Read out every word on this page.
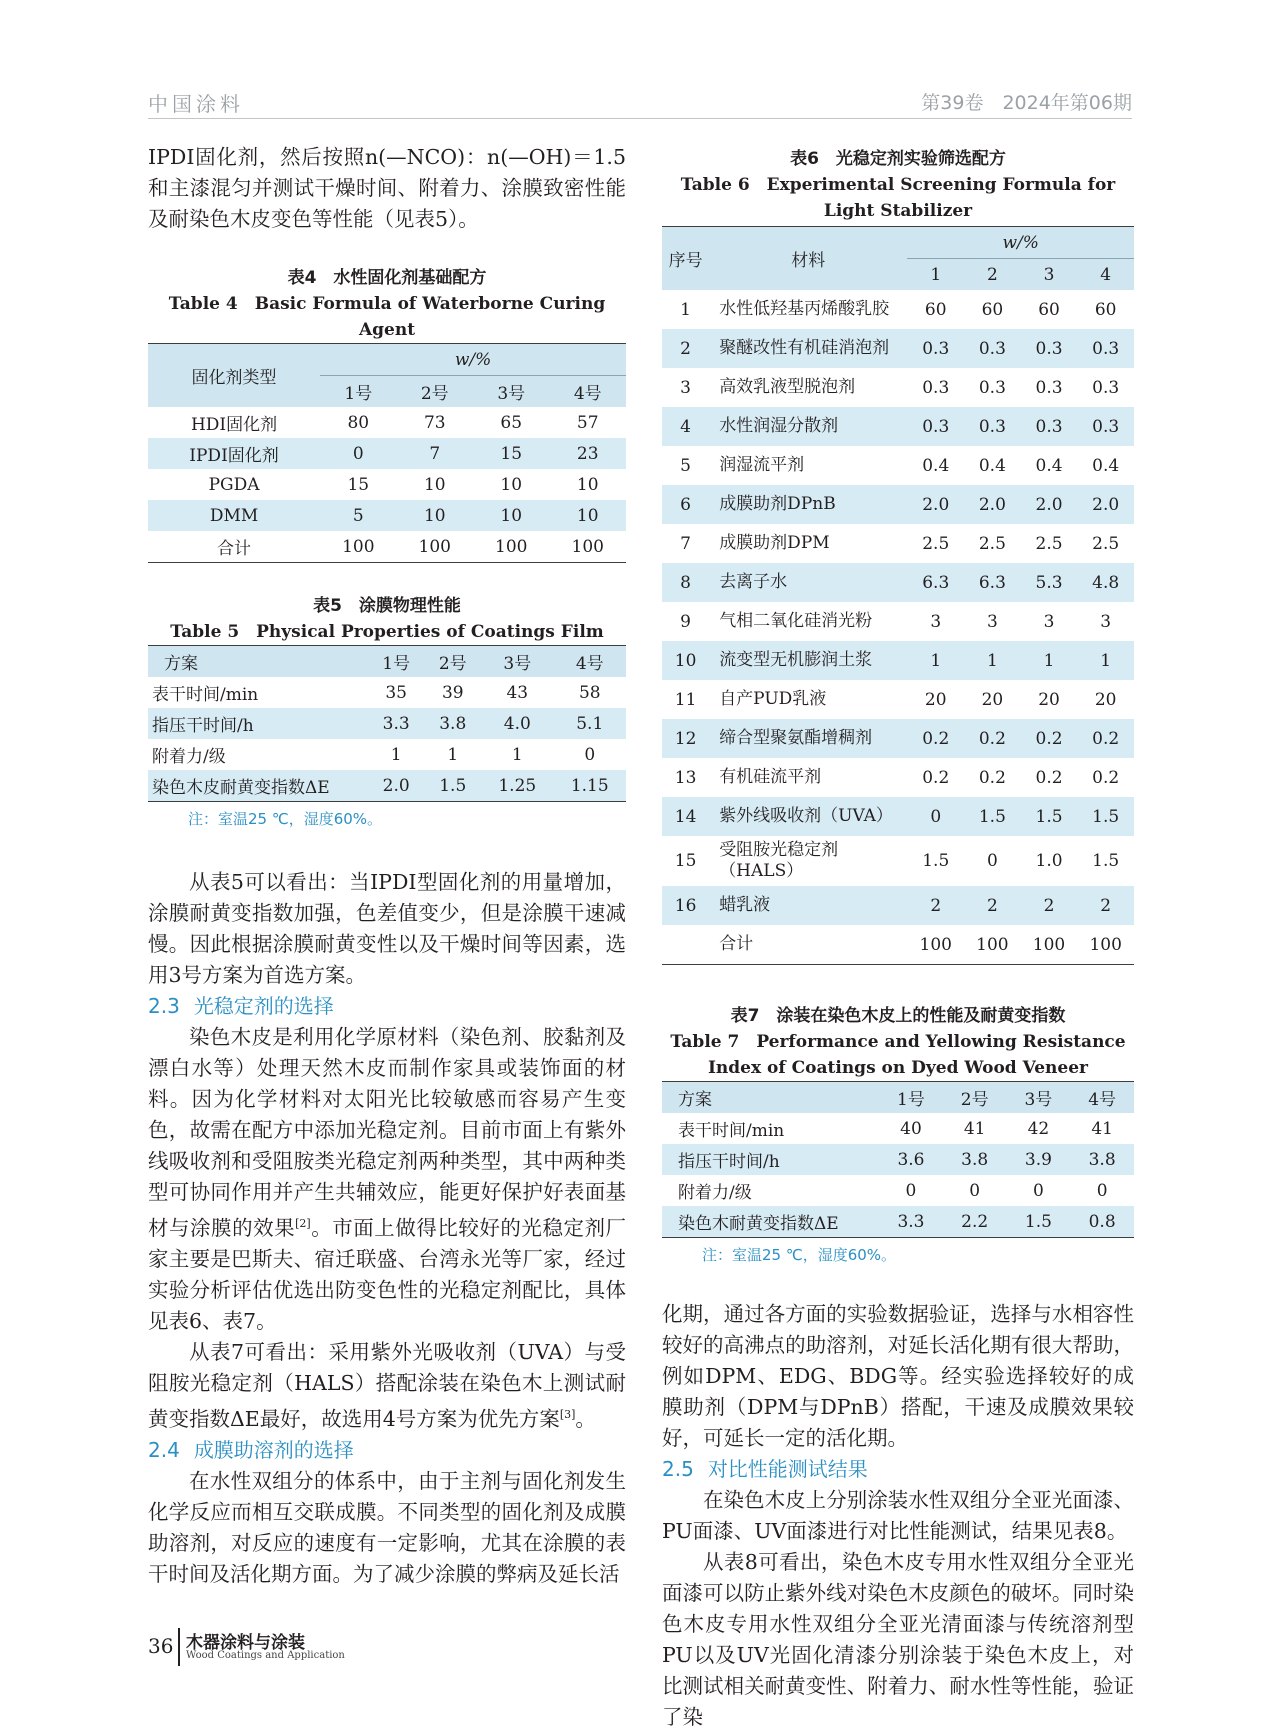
中国涂料	第39卷　2024年第06期

IPDI固化剂，然后按照n(—NCO)：n(—OH)＝1.5和主漆混匀并测试干燥时间、附着力、涂膜致密性能及耐染色木皮变色等性能（见表5）。

表4　水性固化剂基础配方

Table 4　Basic Formula of Waterborne Curing Agent

固化剂类型	w/%			
	1号	2号	3号	4号
HDI固化剂	80	73	65	57
IPDI固化剂	0	7	15	23
PGDA	15	10	10	10
DMM	5	10	10	10
合计	100	100	100	100

表5　涂膜物理性能

Table 5　Physical Properties of Coatings Film

方案	1号	2号	3号	4号
表干时间/min	35	39	43	58
指压干时间/h	3.3	3.8	4.0	5.1
附着力/级	1	1	1	0
染色木皮耐黄变指数ΔE	2.0	1.5	1.25	1.15

注：室温25 ℃，湿度60%。

从表5可以看出：当IPDI型固化剂的用量增加，涂膜耐黄变指数加强，色差值变少，但是涂膜干速减慢。因此根据涂膜耐黄变性以及干燥时间等因素，选用3号方案为首选方案。

2.3 光稳定剂的选择

染色木皮是利用化学原材料（染色剂、胶黏剂及漂白水等）处理天然木皮而制作家具或装饰面的材料。因为化学材料对太阳光比较敏感而容易产生变色，故需在配方中添加光稳定剂。目前市面上有紫外线吸收剂和受阻胺类光稳定剂两种类型，其中两种类型可协同作用并产生共辅效应，能更好保护好表面基材与涂膜的效果[2]。市面上做得比较好的光稳定剂厂家主要是巴斯夫、宿迁联盛、台湾永光等厂家，经过实验分析评估优选出防变色性的光稳定剂配比，具体见表6、表7。

从表7可看出：采用紫外光吸收剂（UVA）与受阻胺光稳定剂（HALS）搭配涂装在染色木上测试耐黄变指数ΔE最好，故选用4号方案为优先方案[3]。

2.4 成膜助溶剂的选择

在水性双组分的体系中，由于主剂与固化剂发生化学反应而相互交联成膜。不同类型的固化剂及成膜助溶剂，对反应的速度有一定影响，尤其在涂膜的表干时间及活化期方面。为了减少涂膜的弊病及延长活

表6　光稳定剂实验筛选配方

Table 6　Experimental Screening Formula for Light Stabilizer

序号	材料	w/%			
		1	2	3	4
1	水性低羟基丙烯酸乳胶	60	60	60	60
2	聚醚改性有机硅消泡剂	0.3	0.3	0.3	0.3
3	高效乳液型脱泡剂	0.3	0.3	0.3	0.3
4	水性润湿分散剂	0.3	0.3	0.3	0.3
5	润湿流平剂	0.4	0.4	0.4	0.4
6	成膜助剂DPnB	2.0	2.0	2.0	2.0
7	成膜助剂DPM	2.5	2.5	2.5	2.5
8	去离子水	6.3	6.3	5.3	4.8
9	气相二氧化硅消光粉	3	3	3	3
10	流变型无机膨润土浆	1	1	1	1
11	自产PUD乳液	20	20	20	20
12	缔合型聚氨酯增稠剂	0.2	0.2	0.2	0.2
13	有机硅流平剂	0.2	0.2	0.2	0.2
14	紫外线吸收剂（UVA）	0	1.5	1.5	1.5
15	受阻胺光稳定剂（HALS）	1.5	0	1.0	1.5
16	蜡乳液	2	2	2	2
	合计	100	100	100	100

表7　涂装在染色木皮上的性能及耐黄变指数

Table 7　Performance and Yellowing Resistance Index of Coatings on Dyed Wood Veneer

方案	1号	2号	3号	4号
表干时间/min	40	41	42	41
指压干时间/h	3.6	3.8	3.9	3.8
附着力/级	0	0	0	0
染色木耐黄变指数ΔE	3.3	2.2	1.5	0.8

注：室温25 ℃，湿度60%。

化期，通过各方面的实验数据验证，选择与水相容性较好的高沸点的助溶剂，对延长活化期有很大帮助，例如DPM、EDG、BDG等。经实验选择较好的成膜助剂（DPM与DPnB）搭配，干速及成膜效果较好，可延长一定的活化期。

2.5 对比性能测试结果

在染色木皮上分别涂装水性双组分全亚光面漆、PU面漆、UV面漆进行对比性能测试，结果见表8。

从表8可看出，染色木皮专用水性双组分全亚光面漆可以防止紫外线对染色木皮颜色的破坏。同时染色木皮专用水性双组分全亚光清面漆与传统溶剂型PU以及UV光固化清漆分别涂装于染色木皮上，对比测试相关耐黄变性、附着力、耐水性等性能，验证了染

36 木器涂料与涂装
Wood Coatings and Application
